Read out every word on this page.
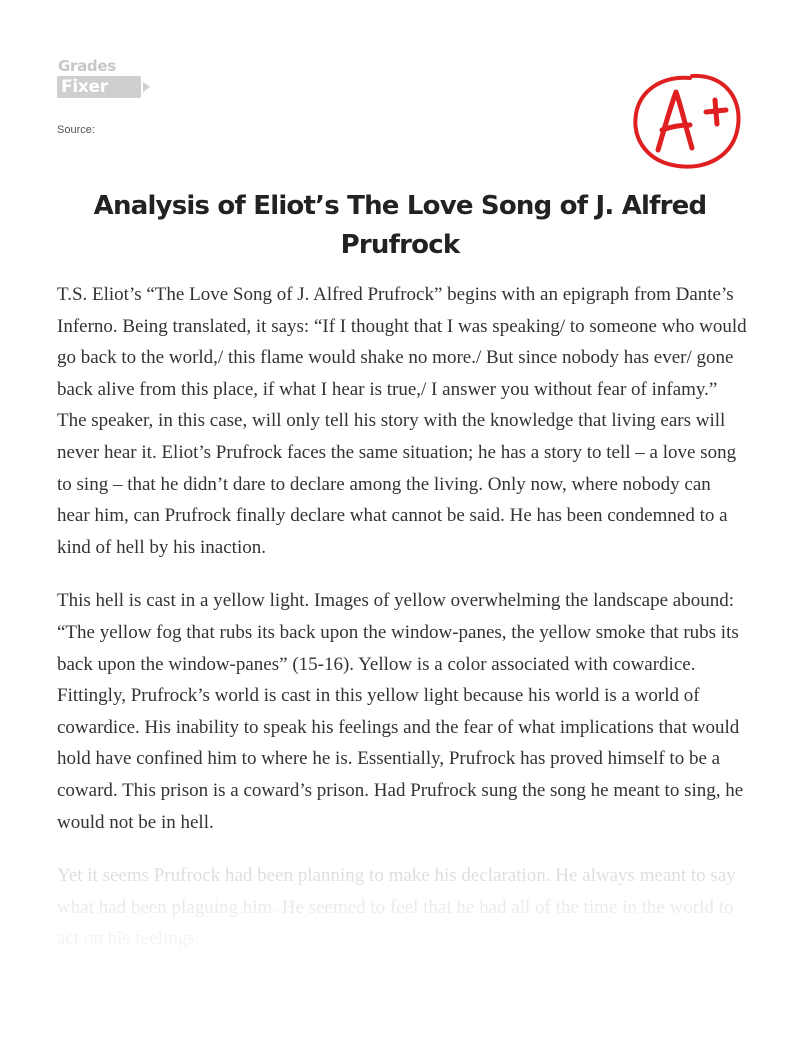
Grades
Fixer
Source:
Analysis of Eliot’s The Love Song of J. Alfred Prufrock

T.S. Eliot’s “The Love Song of J. Alfred Prufrock” begins with an epigraph from Dante’s Inferno. Being translated, it says: “If I thought that I was speaking/ to someone who would go back to the world,/ this flame would shake no more./ But since nobody has ever/ gone back alive from this place, if what I hear is true,/ I answer you without fear of infamy.” The speaker, in this case, will only tell his story with the knowledge that living ears will never hear it. Eliot’s Prufrock faces the same situation; he has a story to tell – a love song to sing – that he didn’t dare to declare among the living. Only now, where nobody can hear him, can Prufrock finally declare what cannot be said. He has been condemned to a kind of hell by his inaction.

This hell is cast in a yellow light. Images of yellow overwhelming the landscape abound: “The yellow fog that rubs its back upon the window-panes, the yellow smoke that rubs its back upon the window-panes” (15-16). Yellow is a color associated with cowardice. Fittingly, Prufrock’s world is cast in this yellow light because his world is a world of cowardice. His inability to speak his feelings and the fear of what implications that would hold have confined him to where he is. Essentially, Prufrock has proved himself to be a coward. This prison is a coward’s prison. Had Prufrock sung the song he meant to sing, he would not be in hell.

Yet it seems Prufrock had been planning to make his declaration. He always meant to say what had been plaguing him. He seemed to feel that he had all of the time in the world to act on his feelings:
